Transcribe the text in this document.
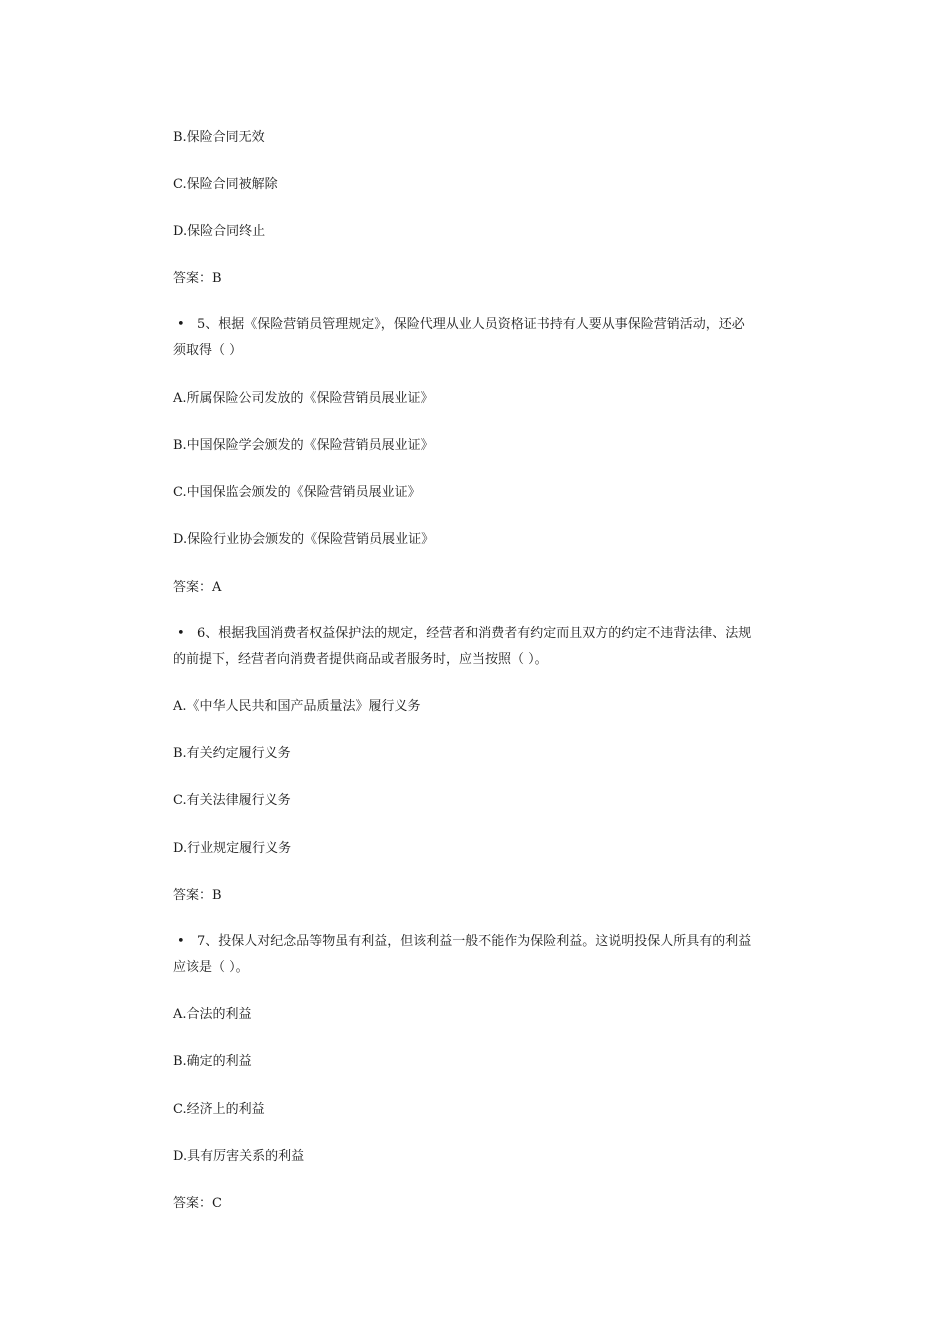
B.保险合同无效
C.保险合同被解除
D.保险合同终止
答案：B
• 5、根据《保险营销员管理规定》，保险代理从业人员资格证书持有人要从事保险营销活动，还必
须取得（ ）
A.所属保险公司发放的《保险营销员展业证》
B.中国保险学会颁发的《保险营销员展业证》
C.中国保监会颁发的《保险营销员展业证》
D.保险行业协会颁发的《保险营销员展业证》
答案：A
• 6、根据我国消费者权益保护法的规定，经营者和消费者有约定而且双方的约定不违背法律、法规
的前提下，经营者向消费者提供商品或者服务时，应当按照（ ）。
A.《中华人民共和国产品质量法》履行义务
B.有关约定履行义务
C.有关法律履行义务
D.行业规定履行义务
答案：B
• 7、投保人对纪念品等物虽有利益，但该利益一般不能作为保险利益。这说明投保人所具有的利益
应该是（ ）。
A.合法的利益
B.确定的利益
C.经济上的利益
D.具有厉害关系的利益
答案：C
